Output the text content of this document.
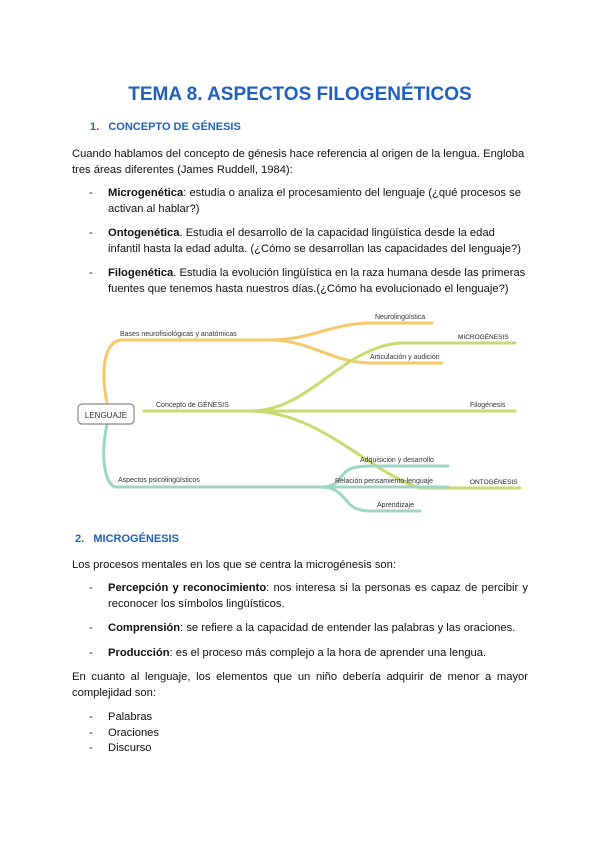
TEMA 8. ASPECTOS FILOGENÉTICOS
1. CONCEPTO DE GÉNESIS

Cuando hablamos del concepto de génesis hace referencia al origen de la lengua. Engloba tres áreas diferentes (James Ruddell, 1984):

- Microgenética: estudia o analiza el procesamiento del lenguaje (¿qué procesos se activan al hablar?)

- Ontogenética. Estudia el desarrollo de la capacidad lingüística desde la edad infantil hasta la edad adulta. (¿Cómo se desarrollan las capacidades del lenguaje?)

- Filogenética. Estudia la evolución lingüística en la raza humana desde las primeras fuentes que tenemos hasta nuestros días.(¿Cómo ha evolucionado el lenguaje?)

LENGUAJE
Bases neurofisiológicas y anatómicas
Concepto de GÉNESIS
Aspectos psicolingüísticos
Neurolingüística
Articulación y audición
MICROGÉNESIS
Filogénesis
Adquisición y desarrollo
Relación pensamiento-lenguaje	ONTOGÉNESIS
Aprendizaje
2. MICROGÉNESIS

Los procesos mentales en los que se centra la microgénesis son:

- Percepción y reconocimiento: nos interesa si la personas es capaz de percibir y reconocer los símbolos lingüísticos.

- Comprensión: se refiere a la capacidad de entender las palabras y las oraciones.

- Producción: es el proceso más complejo a la hora de aprender una lengua.

En cuanto al lenguaje, los elementos que un niño debería adquirir de menor a mayor complejidad son:

- Palabras
- Oraciones
- Discurso
